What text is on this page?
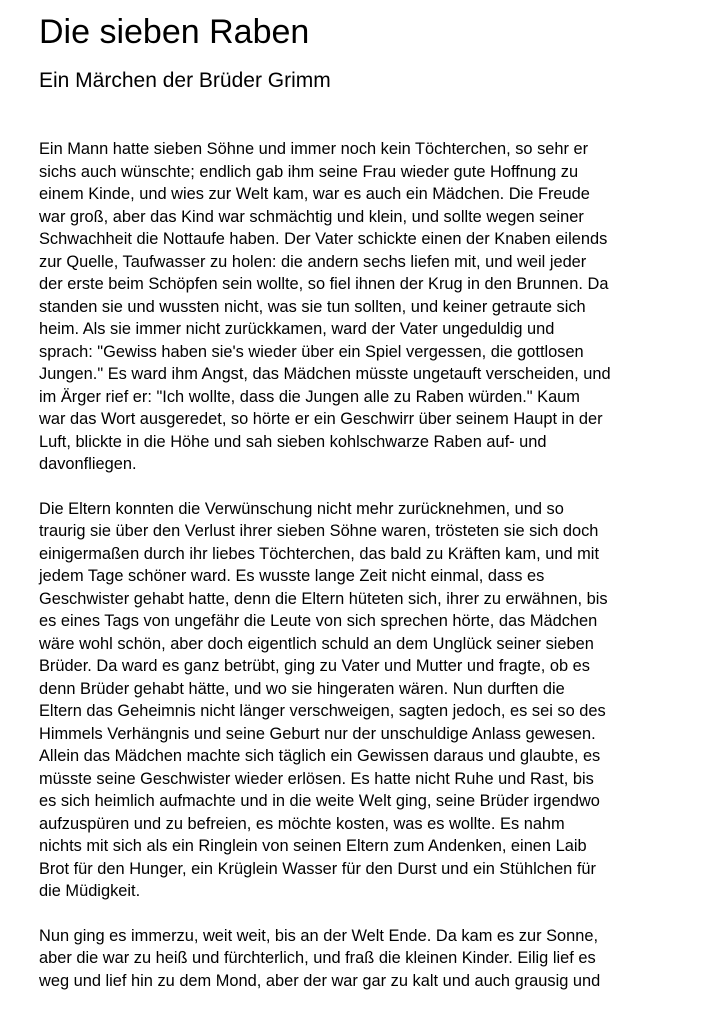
Die sieben Raben
Ein Märchen der Brüder Grimm

Ein Mann hatte sieben Söhne und immer noch kein Töchterchen, so sehr er
sichs auch wünschte; endlich gab ihm seine Frau wieder gute Hoffnung zu
einem Kinde, und wies zur Welt kam, war es auch ein Mädchen. Die Freude
war groß, aber das Kind war schmächtig und klein, und sollte wegen seiner
Schwachheit die Nottaufe haben. Der Vater schickte einen der Knaben eilends
zur Quelle, Taufwasser zu holen: die andern sechs liefen mit, und weil jeder
der erste beim Schöpfen sein wollte, so fiel ihnen der Krug in den Brunnen. Da
standen sie und wussten nicht, was sie tun sollten, und keiner getraute sich
heim. Als sie immer nicht zurückkamen, ward der Vater ungeduldig und
sprach: "Gewiss haben sie's wieder über ein Spiel vergessen, die gottlosen
Jungen." Es ward ihm Angst, das Mädchen müsste ungetauft verscheiden, und
im Ärger rief er: "Ich wollte, dass die Jungen alle zu Raben würden." Kaum
war das Wort ausgeredet, so hörte er ein Geschwirr über seinem Haupt in der
Luft, blickte in die Höhe und sah sieben kohlschwarze Raben auf- und
davonfliegen.

Die Eltern konnten die Verwünschung nicht mehr zurücknehmen, und so
traurig sie über den Verlust ihrer sieben Söhne waren, trösteten sie sich doch
einigermaßen durch ihr liebes Töchterchen, das bald zu Kräften kam, und mit
jedem Tage schöner ward. Es wusste lange Zeit nicht einmal, dass es
Geschwister gehabt hatte, denn die Eltern hüteten sich, ihrer zu erwähnen, bis
es eines Tags von ungefähr die Leute von sich sprechen hörte, das Mädchen
wäre wohl schön, aber doch eigentlich schuld an dem Unglück seiner sieben
Brüder. Da ward es ganz betrübt, ging zu Vater und Mutter und fragte, ob es
denn Brüder gehabt hätte, und wo sie hingeraten wären. Nun durften die
Eltern das Geheimnis nicht länger verschweigen, sagten jedoch, es sei so des
Himmels Verhängnis und seine Geburt nur der unschuldige Anlass gewesen.
Allein das Mädchen machte sich täglich ein Gewissen daraus und glaubte, es
müsste seine Geschwister wieder erlösen. Es hatte nicht Ruhe und Rast, bis
es sich heimlich aufmachte und in die weite Welt ging, seine Brüder irgendwo
aufzuspüren und zu befreien, es möchte kosten, was es wollte. Es nahm
nichts mit sich als ein Ringlein von seinen Eltern zum Andenken, einen Laib
Brot für den Hunger, ein Krüglein Wasser für den Durst und ein Stühlchen für
die Müdigkeit.

Nun ging es immerzu, weit weit, bis an der Welt Ende. Da kam es zur Sonne,
aber die war zu heiß und fürchterlich, und fraß die kleinen Kinder. Eilig lief es
weg und lief hin zu dem Mond, aber der war gar zu kalt und auch grausig und
